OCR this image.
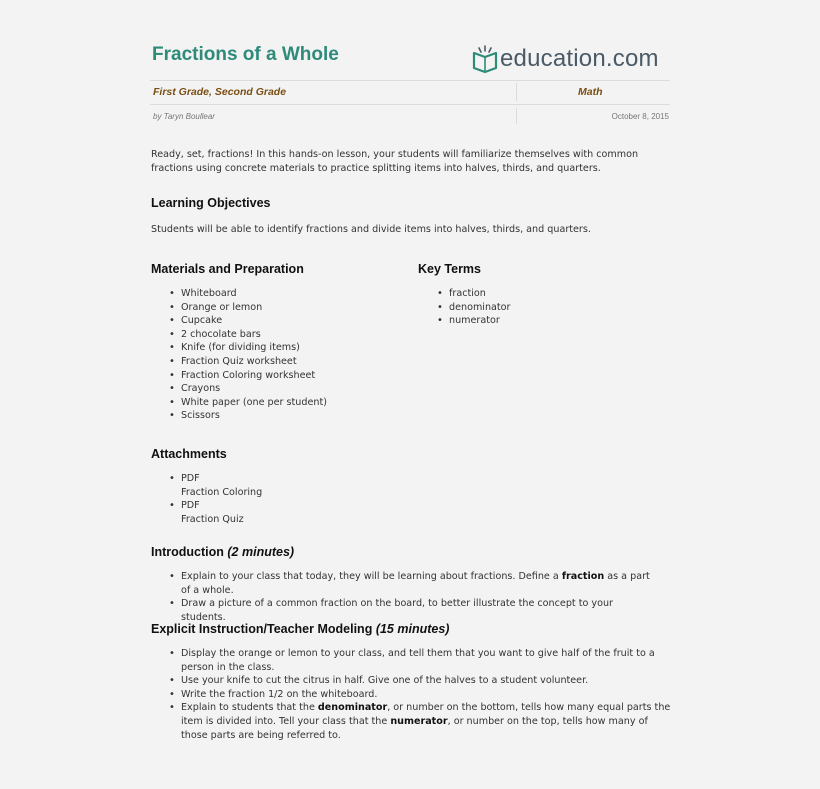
Fractions of a Whole	education.com
First Grade, Second Grade	Math
by Taryn Boullear	October 8, 2015

Ready, set, fractions! In this hands-on lesson, your students will familiarize themselves with common fractions using concrete materials to practice splitting items into halves, thirds, and quarters.

Learning Objectives

Students will be able to identify fractions and divide items into halves, thirds, and quarters.

Materials and Preparation
• Whiteboard
• Orange or lemon
• Cupcake
• 2 chocolate bars
• Knife (for dividing items)
• Fraction Quiz worksheet
• Fraction Coloring worksheet
• Crayons
• White paper (one per student)
• Scissors
Key Terms
• fraction
• denominator
• numerator
Attachments
• PDF
Fraction Coloring
• PDF
Fraction Quiz
Introduction (2 minutes)
• Explain to your class that today, they will be learning about fractions. Define a fraction as a part of a whole.
• Draw a picture of a common fraction on the board, to better illustrate the concept to your students.
Explicit Instruction/Teacher Modeling (15 minutes)
• Display the orange or lemon to your class, and tell them that you want to give half of the fruit to a person in the class.
• Use your knife to cut the citrus in half. Give one of the halves to a student volunteer.
• Write the fraction 1/2 on the whiteboard.
• Explain to students that the denominator, or number on the bottom, tells how many equal parts the item is divided into. Tell your class that the numerator, or number on the top, tells how many of those parts are being referred to.
•
